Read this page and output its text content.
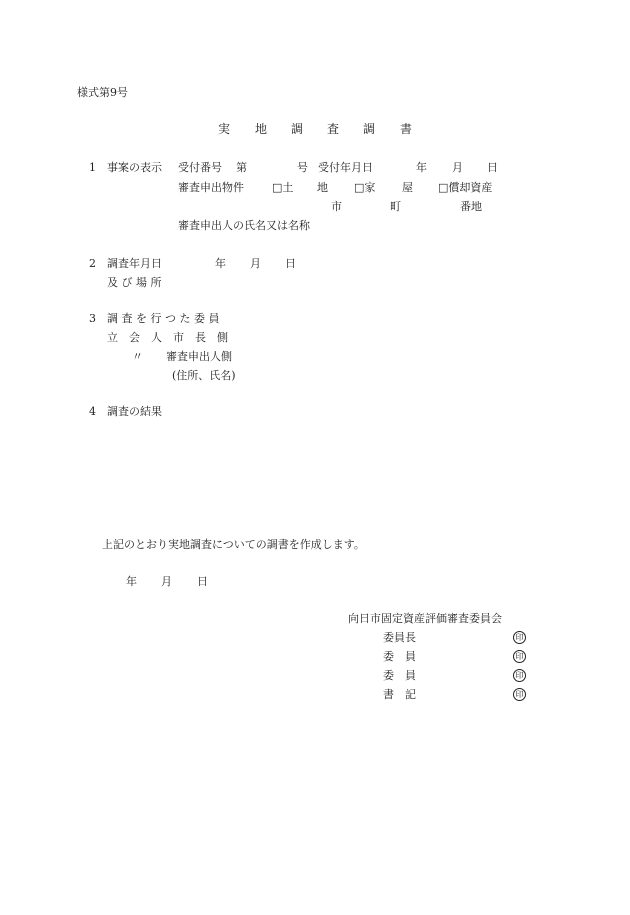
様式第9号
実 地 調 査 調 書
1 事案の表示 受付番号 第	号 受付年月日	年 月 日
審査申出物件	□土 地 □家 屋 □償却資産
市	町	番地
審査申出人の氏名又は名称
2 調査年月日	年 月 日
及 び 場 所
3 調 査 を 行 つ た 委 員
立　会　人　市　長　側
〃 審査申出人側
(住所、氏名)
4 調査の結果
上記のとおり実地調査についての調書を作成します。
年 月 日
向日市固定資産評価審査委員会
委員長	印
委　員	印
委　員	印
書　記	印
